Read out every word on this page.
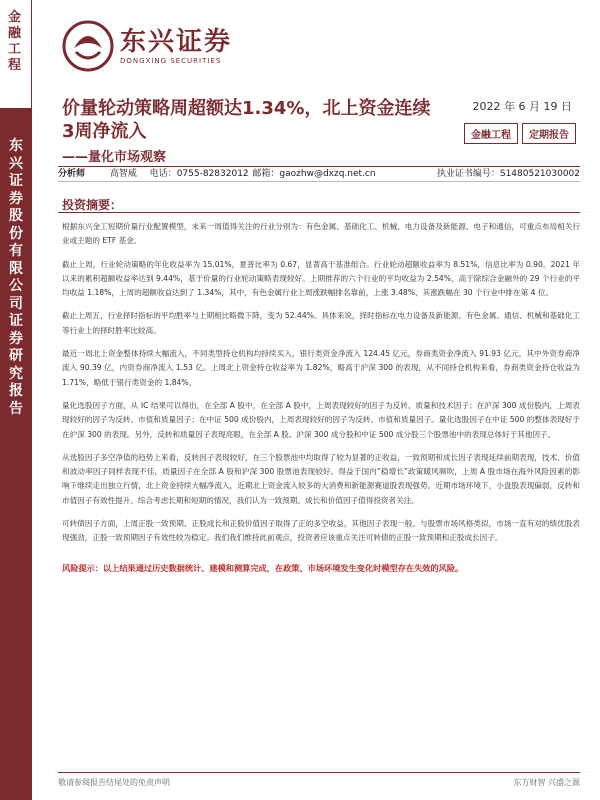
金融工程
东兴证券股份有限公司证券研究报告
东兴证券
DONGXING SECURITIES
价量轮动策略周超额达1.34%，北上资金连续3周净流入
——量化市场观察
2022 年 6 月 19 日
金融工程	定期报告
分析师	高智威	电话： 0755-82832012 邮箱： gaozhw@dxzq.net.cn	执业证书编号： S1480521030002
投资摘要：

根据东兴金工短期价量行业配置模型，未来一周值得关注的行业分别为：有色金属、基础化工、机械、电力设备及新能源、电子和通信，可重点布局相关行业或主题的 ETF 基金。

截止上周，行业轮动策略的年化收益率为 15.01%，夏普比率为 0.67，显著高于基准组合。行业轮动超额收益率为 8.51%，信息比率为 0.90。2021 年以来的累积超额收益率达到 9.44%，基于价量的行业轮动策略表现较好。上期推荐的六个行业的平均收益为 2.54%，高于除综合金融外的 29 个行业的平均收益 1.18%，上周的超额收益达到了 1.34%，其中，有色金属行业上周涨跌幅排名靠前，上涨 3.48%，其涨跌幅在 30 个行业中排在第 4 位。

截止上周五，行业择时指标的平均胜率与上期相比略微下降，变为 52.44%。具体来说，择时指标在电力设备及新能源、有色金属、通信、机械和基础化工等行业上的择时胜率比较高。

最近一周北上资金整体持续大幅流入，不同类型持仓机构均持续买入，银行类资金净流入 124.45 亿元，券商类资金净流入 91.93 亿元，其中外资券商净流入 90.39 亿，内资券商净流入 1.53 亿。上周北上资金持仓收益率为 1.82%，略高于沪深 300 的表现，从不同持仓机构来看，券商类资金持仓收益为 1.71%，略低于银行类资金的 1.84%。

量化选股因子方面，从 IC 结果可以得出，在全部 A 股中，在全部 A 股中，上周表现较好的因子为反转、质量和技术因子；在沪深 300 成份股内，上周表现较好的因子为反转、市值和质量因子；在中证 500 成份股内，上周表现较好的因子为反转、市值和质量因子。量化选股因子在中证 500 的整体表现好于在沪深 300 的表现。另外，反转和质量因子表现亮眼，在全部 A 股、沪深 300 成分股和中证 500 成分股三个股票池中的表现总体好于其他因子。

从选股因子多空净值的趋势上来看，反转因子表现较好，在三个股票池中均取得了较为显著的正收益，一致预期和成长因子表现延续前期表现，技术、价值和波动率因子同样表现不佳，质量因子在全部 A 股和沪深 300 股票池表现较好。得益于国内“稳增长”政策暖风频吹，上周 A 股市场在海外风险因素的影响下继续走出独立行情，北上资金持续大幅净流入，近期北上资金流入较多的大消费和新能源赛道股表现强势。近期市场环境下，小盘股表现偏弱，反转和市值因子有效性提升。综合考虑长期和短期的情况，我们认为一致预期、成长和价值因子值得投资者关注。

可转债因子方面，上周正股一致预期、正股成长和正股价值因子取得了正的多空收益，其他因子表现一般。与股票市场风格类似，市场一直有对的绩优股表现强劲，正股一致预期因子有效性较为稳定。我们我们维持此前观点，投资者应该重点关注可转债的正股一致预期和正股成长因子。

风险提示：以上结果通过历史数据统计、建模和测算完成，在政策、市场环境发生变化时模型存在失效的风险。
敬请参阅报告结尾处的免责声明	东方财智 兴盛之源
